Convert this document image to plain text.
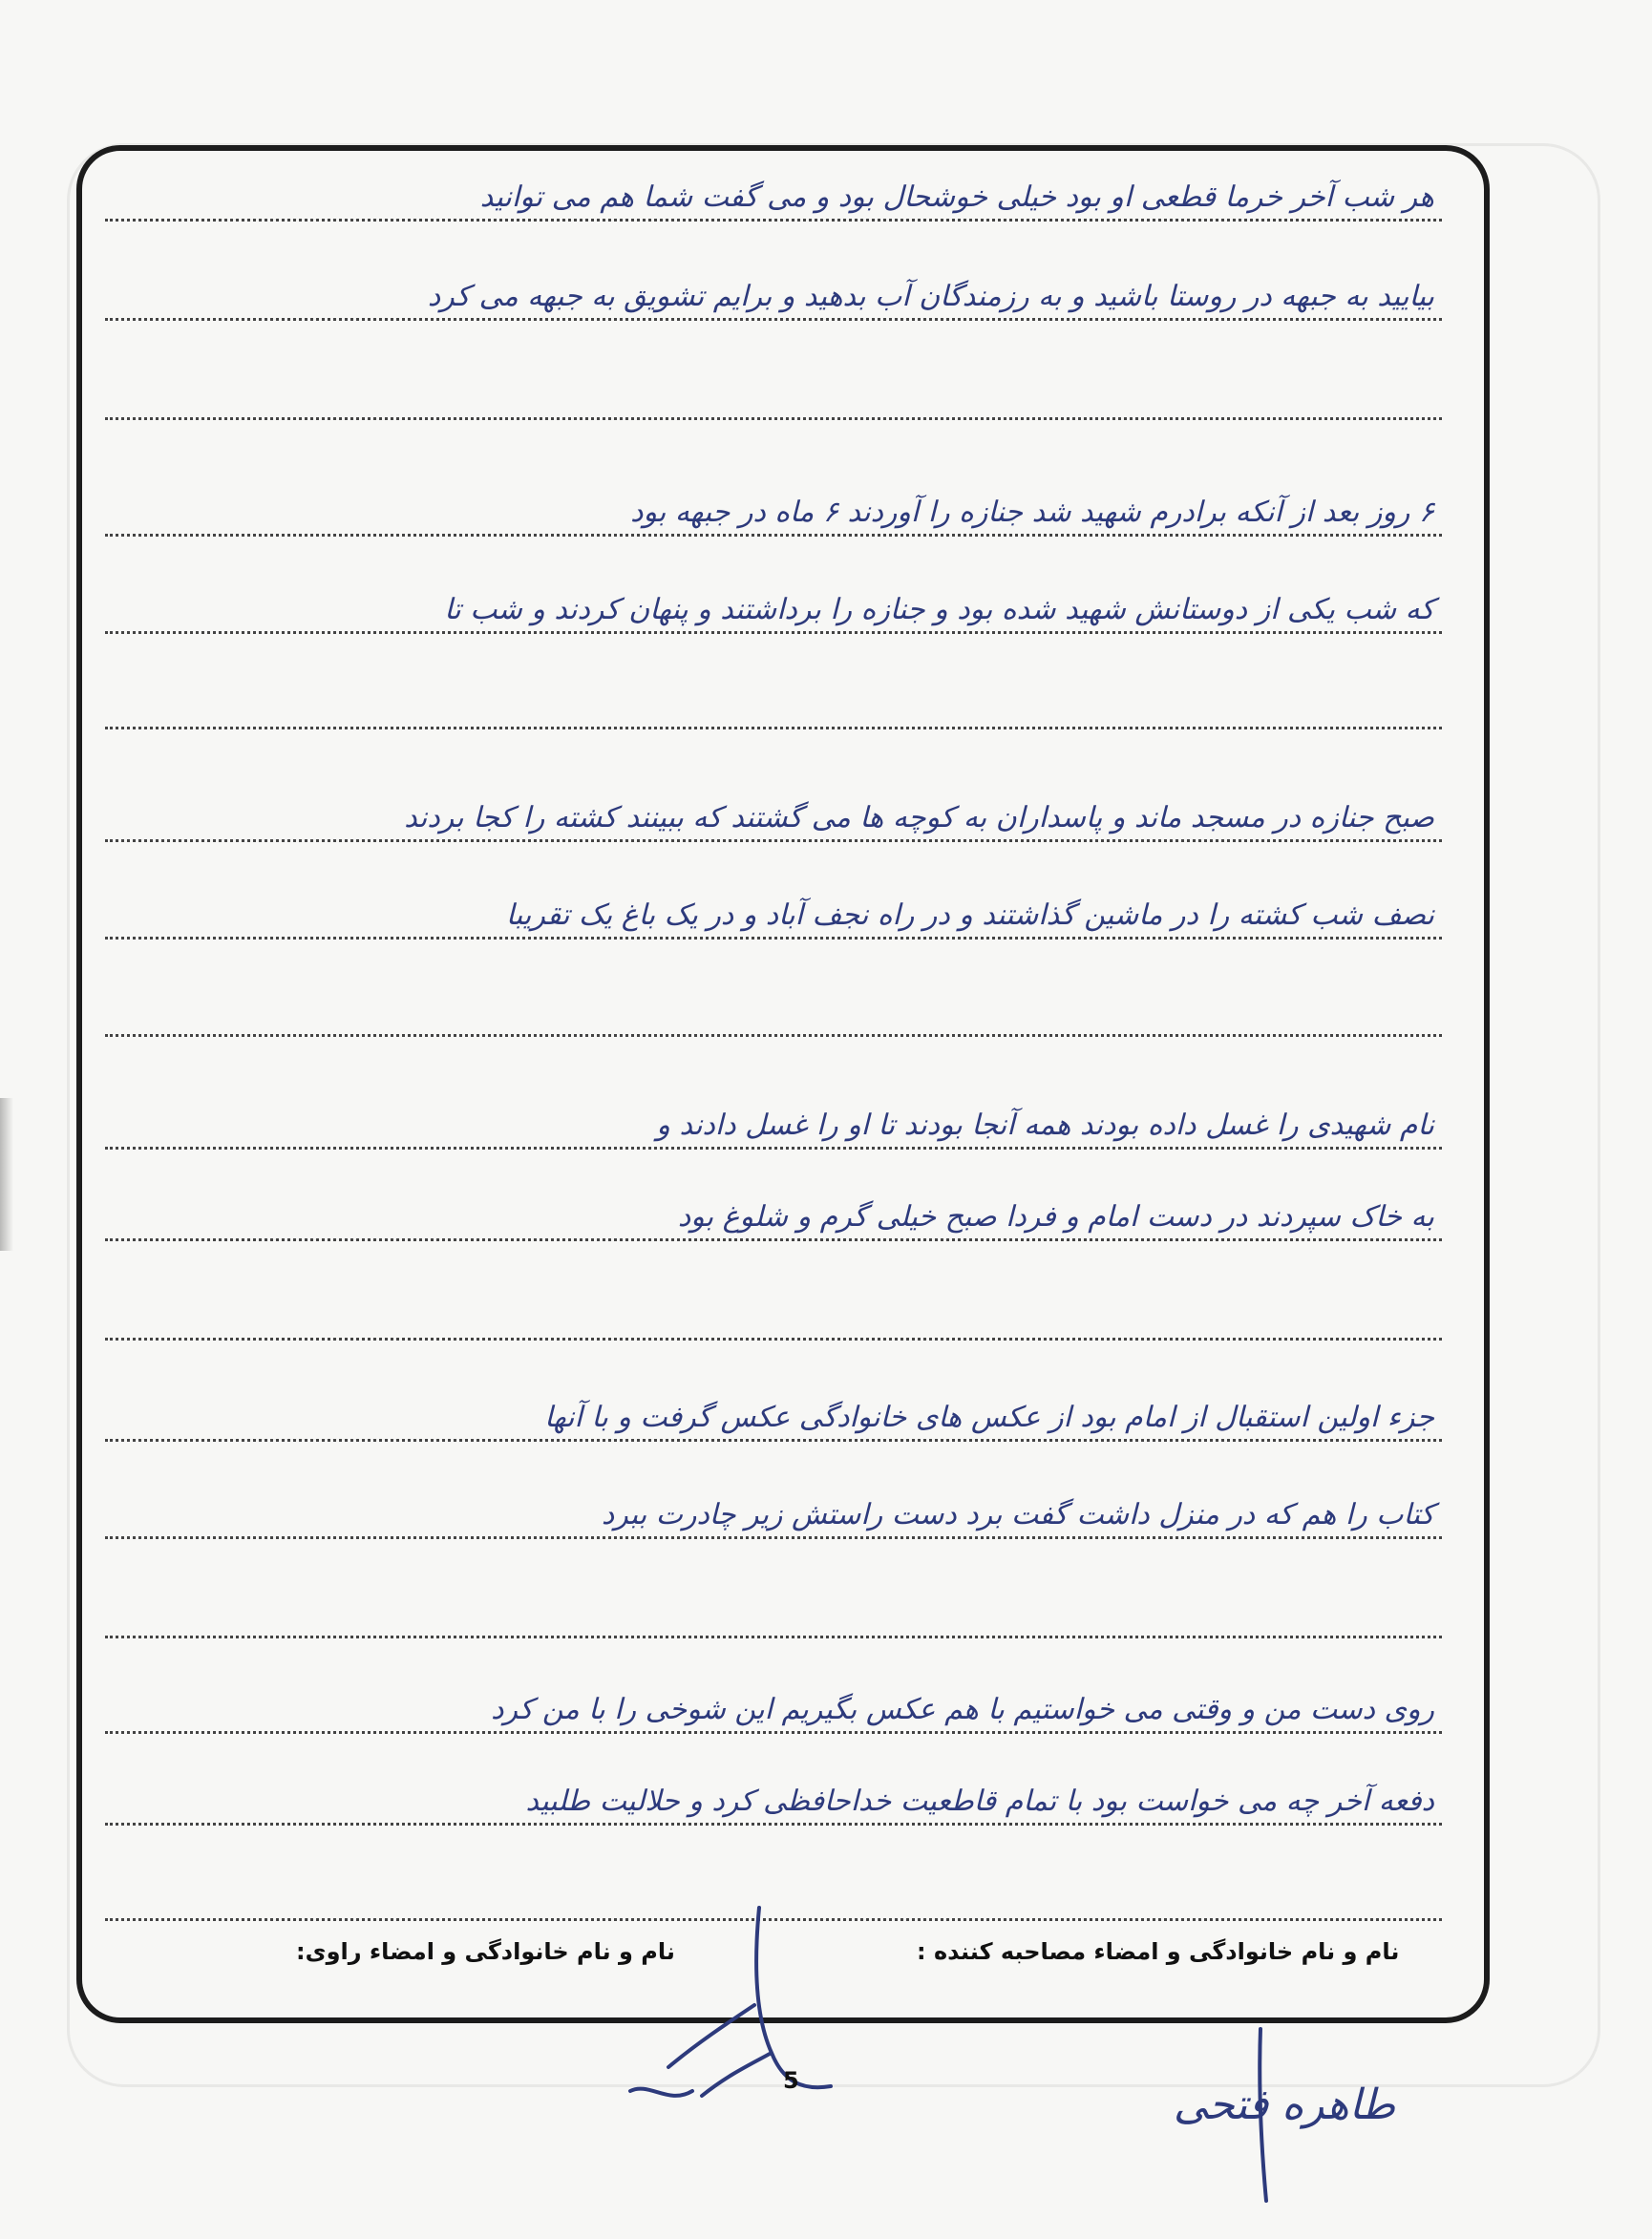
هر شب آخر خرما قطعی او بود خیلی خوشحال بود و می گفت شما هم می توانید
بیایید به جبهه در روستا باشید و به رزمندگان آب بدهید و برایم تشویق به جبهه می کرد
۶ روز بعد از آنکه برادرم شهید شد جنازه را آوردند ۶ ماه در جبهه بود
که شب یکی از دوستانش شهید شده بود و جنازه را برداشتند و پنهان کردند و شب تا
صبح جنازه در مسجد ماند و پاسداران به کوچه ها می گشتند که ببینند کشته را کجا بردند
نصف شب کشته را در ماشین گذاشتند و در راه نجف آباد و در یک باغ یک تقریبا
نام شهیدی را غسل داده بودند همه آنجا بودند تا او را غسل دادند و
به خاک سپردند در دست امام و فردا صبح خیلی گرم و شلوغ بود
جزء اولین استقبال از امام بود از عکس های خانوادگی عکس گرفت و با آنها
کتاب را هم که در منزل داشت گفت برد دست راستش زیر چادرت ببرد
روی دست من و وقتی می خواستیم با هم عکس بگیریم این شوخی را با من کرد
دفعه آخر چه می خواست بود با تمام قاطعیت خداحافظی کرد و حلالیت طلبید
نام و نام خانوادگی و امضاء مصاحبه کننده :
نام و نام خانوادگی و امضاء راوی:
طاهره فتحی
5
